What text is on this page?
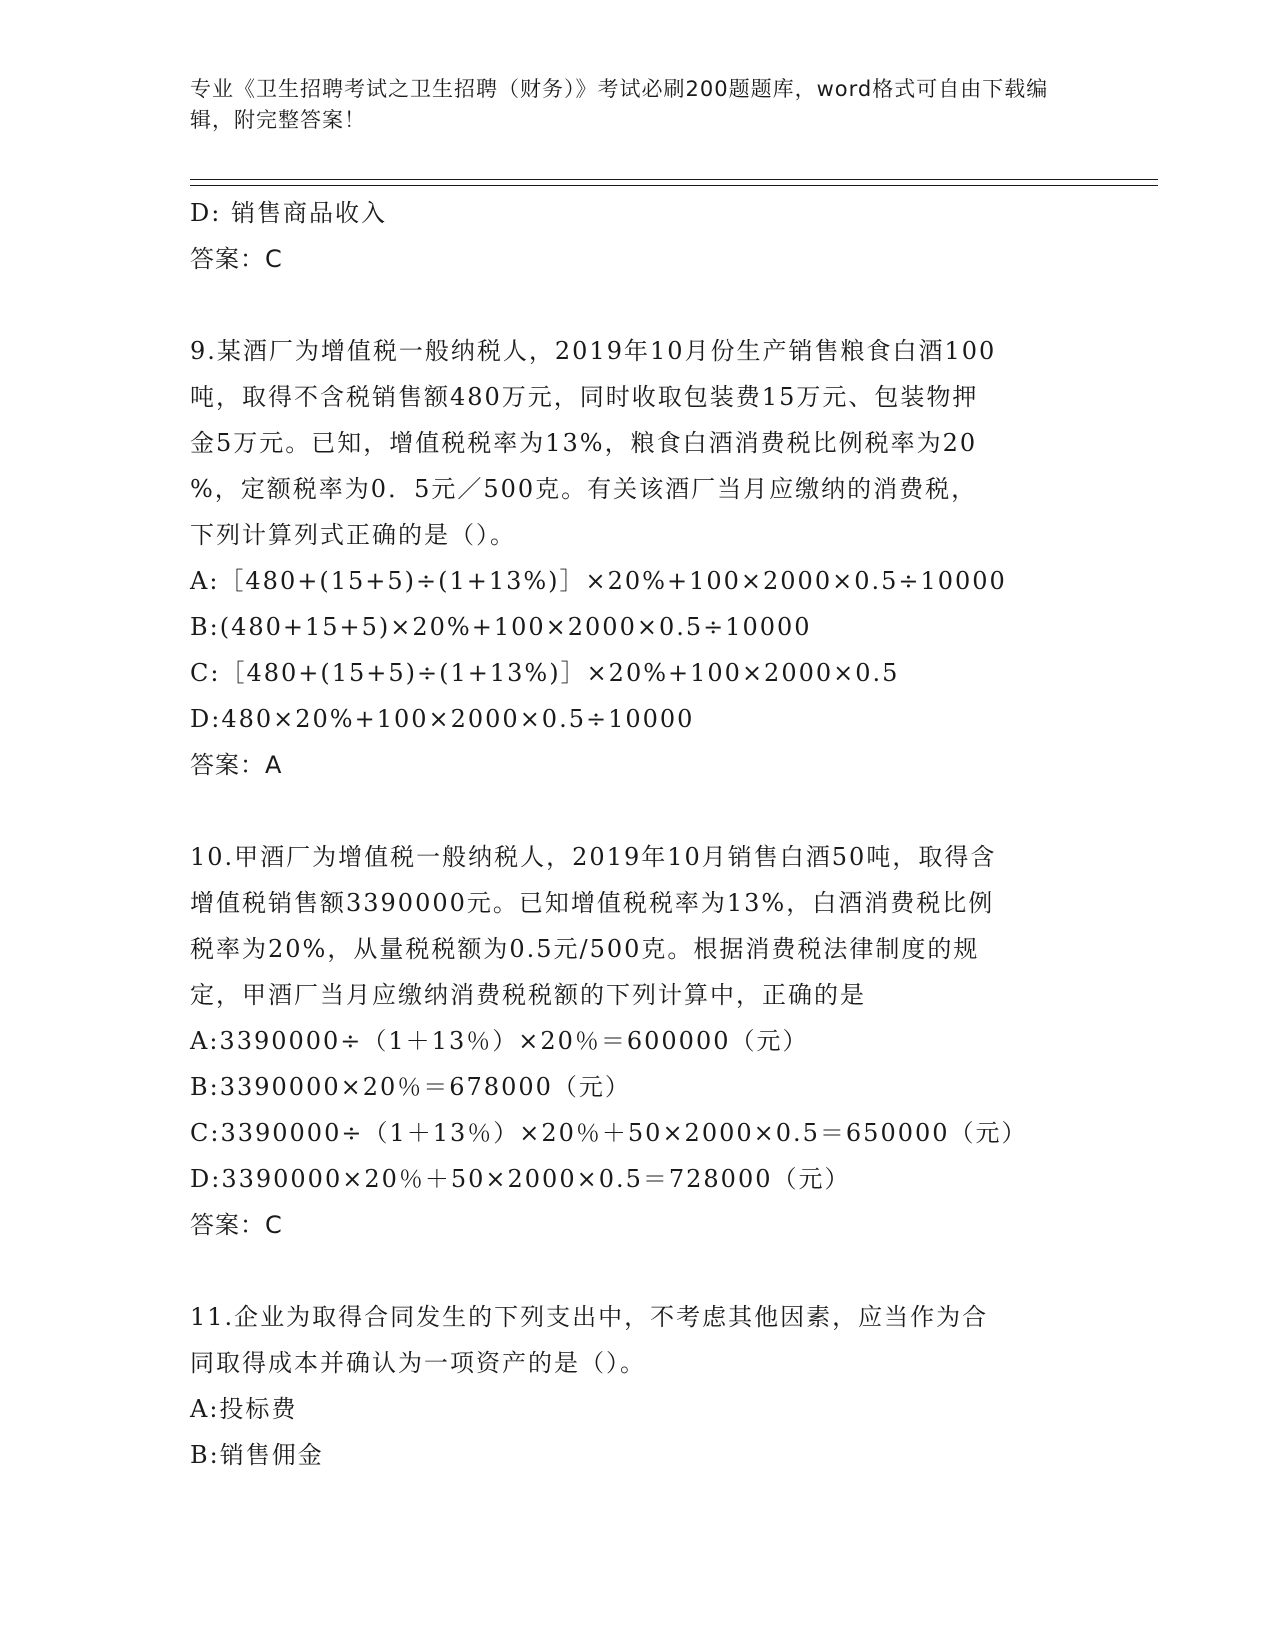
专业《卫生招聘考试之卫生招聘（财务）》考试必刷200题题库，word格式可自由下载编辑，附完整答案！
D: 销售商品收入
答案：C
9.某酒厂为增值税一般纳税人，2019年10月份生产销售粮食白酒100
吨，取得不含税销售额480万元，同时收取包装费15万元、包装物押
金5万元。已知，增值税税率为13%，粮食白酒消费税比例税率为20
%，定额税率为0．5元／500克。有关该酒厂当月应缴纳的消费税，
下列计算列式正确的是（）。
A:［480+(15+5)÷(1+13%)］×20%+100×2000×0.5÷10000
B:(480+15+5)×20%+100×2000×0.5÷10000
C:［480+(15+5)÷(1+13%)］×20%+100×2000×0.5
D:480×20%+100×2000×0.5÷10000
答案：A
10.甲酒厂为增值税一般纳税人，2019年10月销售白酒50吨，取得含
增值税销售额3390000元。已知增值税税率为13%，白酒消费税比例
税率为20%，从量税税额为0.5元/500克。根据消费税法律制度的规
定，甲酒厂当月应缴纳消费税税额的下列计算中，正确的是
A:3390000÷（1＋13％）×20％＝600000（元）
B:3390000×20％＝678000（元）
C:3390000÷（1＋13％）×20％＋50×2000×0.5＝650000（元）
D:3390000×20％＋50×2000×0.5＝728000（元）
答案：C
11.企业为取得合同发生的下列支出中，不考虑其他因素，应当作为合
同取得成本并确认为一项资产的是（）。
A:投标费
B:销售佣金
